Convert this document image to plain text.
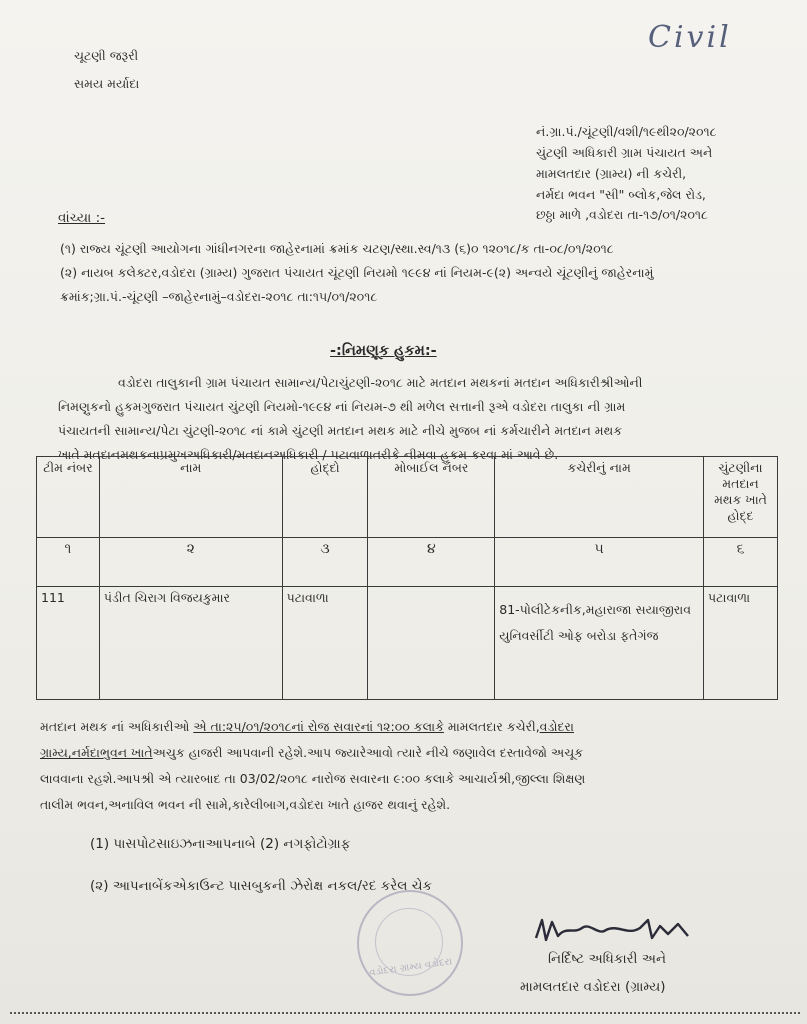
Civil
ચૂટણી જરૂરી
સમય મર્યાદા
નં.ગ્રા.પં./ચૂંટણી/વશી/૧૯થી૨૦/૨૦૧૮
ચુંટણી અધિકારી ગ્રામ પંચાયત અને
મામલતદાર (ગ્રામ્ય) ની કચેરી,
નર્મદા ભવન "સી" બ્લોક,જેલ રોડ,
છઠ્ઠા માળે ,વડોદરા તા-૧૭/૦૧/૨૦૧૮
વાંચ્યા :-
(૧) રાજ્ય ચૂંટણી આયોગના ગાંધીનગરના જાહેરનામાં ક્રમાંક ચટણ/સ્થા.સ્વ/૧૩ (૬)૦ ૧૨૦૧૮/ક તા-૦૮/૦૧/૨૦૧૮
(૨) નાયબ કલેક્ટર,વડોદરા (ગ્રામ્ય) ગુજરાત પંચાયત ચૂંટણી નિયમો ૧૯૯૪ નાં નિયમ-૯(૨) અન્વયે ચૂંટણીનું જાહેરનામું
ક્રમાંક;ગ્રા.પં.-ચૂંટણી –જાહેરનામું–વડોદરા-૨૦૧૮ તા:૧૫/૦૧/૨૦૧૮
-:નિમણૂક હુકમ:-
વડોદરા તાલુકાની ગ્રામ પંચાયત સામાન્ય/પેટાચુંટણી-૨૦૧૮ માટે મતદાન મથકનાં મતદાન અધિકારીશ્રીઓની
નિમણુકનો હુકમગુજરાત પંચાયત ચુંટણી નિયમો-૧૯૯૪ નાં નિયમ-૭ થી મળેલ સત્તાની રૂએ વડોદરા તાલુકા ની ગ્રામ
પંચાયતની સામાન્ય/પેટા ચુંટણી-૨૦૧૮ નાં કામે ચુંટણી મતદાન મથક માટે નીચે મુજબ નાં કર્મચારીને મતદાન મથક
ખાતે મતદાનમથકનાપ્રમુખઅધિકારી/મતદાનઅધિકારી / પટાવાળાતરીકે નીમવા હુકમ કરવા માં આવે છે.
ટીમ નંબર	નામ	હોદ્દો	મોબાઈલ નંબર	કચેરીનું નામ	ચુંટણીના મતદાન મથક ખાતે હોદ્દ
૧	૨	૩	૪	૫	૬
111	પંડીત ચિરાગ વિજયકુમાર	પટાવાળા		81-પોલીટેકનીક,મહારાજા સયાજીરાવ
યુનિવર્સીટી ઓફ બરોડા ફતેગંજ	પટાવાળા
મતદાન મથક નાં અધિકારીઓ એ તા:૨૫/૦૧/૨૦૧૮નાં રોજ સવારનાં ૧૨:૦૦ કલાકે મામલતદાર કચેરી,વડોદરા
ગ્રામ્ય,નર્મદાભુવન ખાતેઅચુક હાજરી આપવાની રહેશે.આપ જ્યારેઆવો ત્યારે નીચે જણાવેલ દસ્તાવેજો અચૂક
લાવવાના રહશે.આપશ્રી એ ત્યારબાદ તા 03/02/૨૦૧૮ નારોજ સવારના ૯:૦૦ કલાકે આચાર્યશ્રી,જીલ્લા શિક્ષણ
તાલીમ ભવન,અનાવિલ ભવન ની સામે,કારેલીબાગ,વડોદરા ખાતે હાજર થવાનું રહેશે.
(1) પાસપોટસાઇઝનાઆપનાબે (2) નગફોટોગ્રાફ
(૨) આપનાબેંકએકાઉન્ટ પાસબુકની ઝેરોક્ષ નકલ/રદ કરેલ ચેક
વડોદરા ગ્રામ્ય વડોદરા	નિર્દિષ્ટ અધિકારી અને
મામલતદાર વડોદરા (ગ્રામ્ય)
